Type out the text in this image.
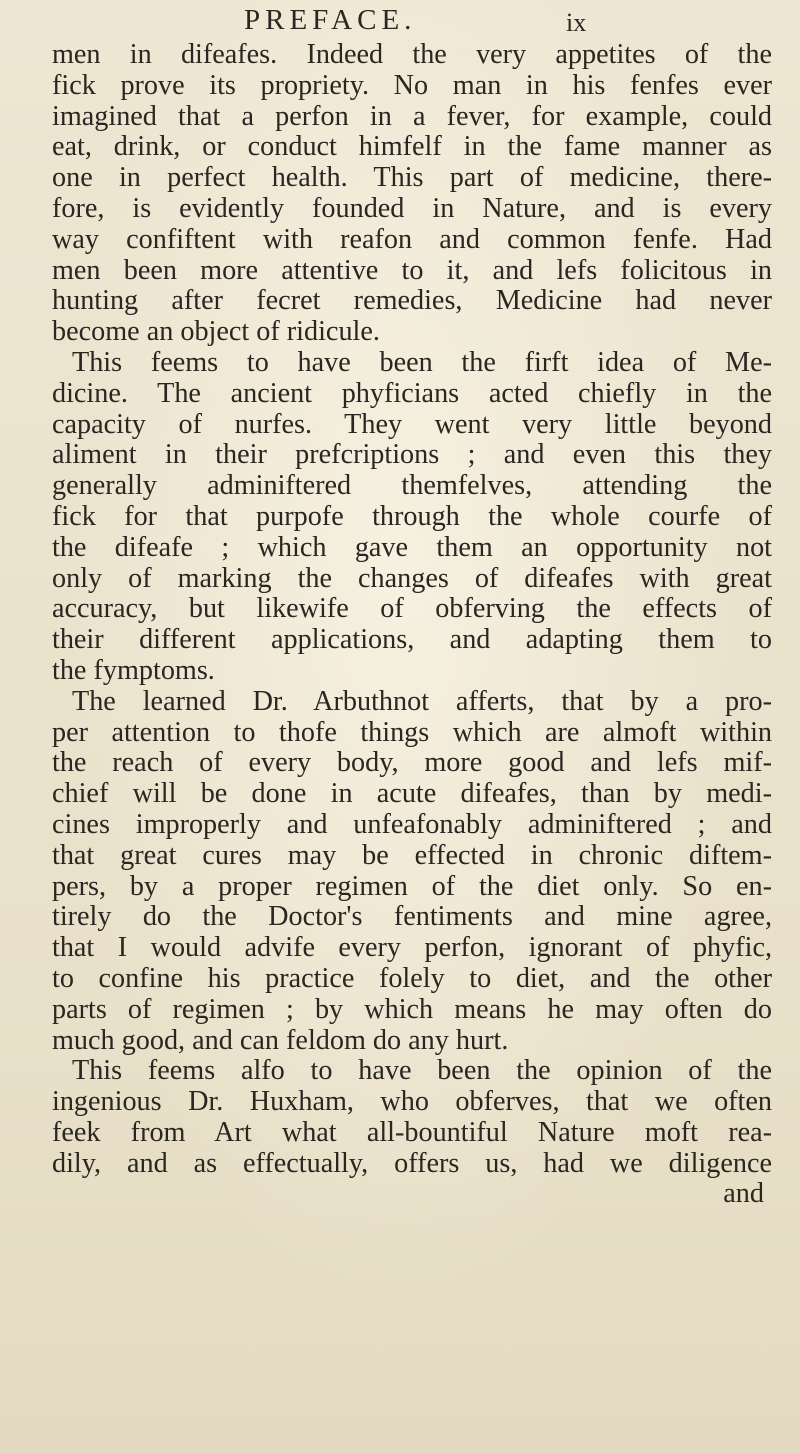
PREFACE.	ix
men in difeafes. Indeed the very appetites of the
fick prove its propriety. No man in his fenfes ever
imagined that a perfon in a fever, for example, could
eat, drink, or conduct himfelf in the fame manner as
one in perfect health. This part of medicine, there-
fore, is evidently founded in Nature, and is every
way confiftent with reafon and common fenfe. Had
men been more attentive to it, and lefs folicitous in
hunting after fecret remedies, Medicine had never
become an object of ridicule.
This feems to have been the firft idea of Me-
dicine. The ancient phyficians acted chiefly in the
capacity of nurfes. They went very little beyond
aliment in their prefcriptions ; and even this they
generally adminiftered themfelves, attending the
fick for that purpofe through the whole courfe of
the difeafe ; which gave them an opportunity not
only of marking the changes of difeafes with great
accuracy, but likewife of obferving the effects of
their different applications, and adapting them to
the fymptoms.
The learned Dr. Arbuthnot afferts, that by a pro-
per attention to thofe things which are almoft within
the reach of every body, more good and lefs mif-
chief will be done in acute difeafes, than by medi-
cines improperly and unfeafonably adminiftered ; and
that great cures may be effected in chronic diftem-
pers, by a proper regimen of the diet only. So en-
tirely do the Doctor's fentiments and mine agree,
that I would advife every perfon, ignorant of phyfic,
to confine his practice folely to diet, and the other
parts of regimen ; by which means he may often do
much good, and can feldom do any hurt.
This feems alfo to have been the opinion of the
ingenious Dr. Huxham, who obferves, that we often
feek from Art what all-bountiful Nature moft rea-
dily, and as effectually, offers us, had we diligence
and
